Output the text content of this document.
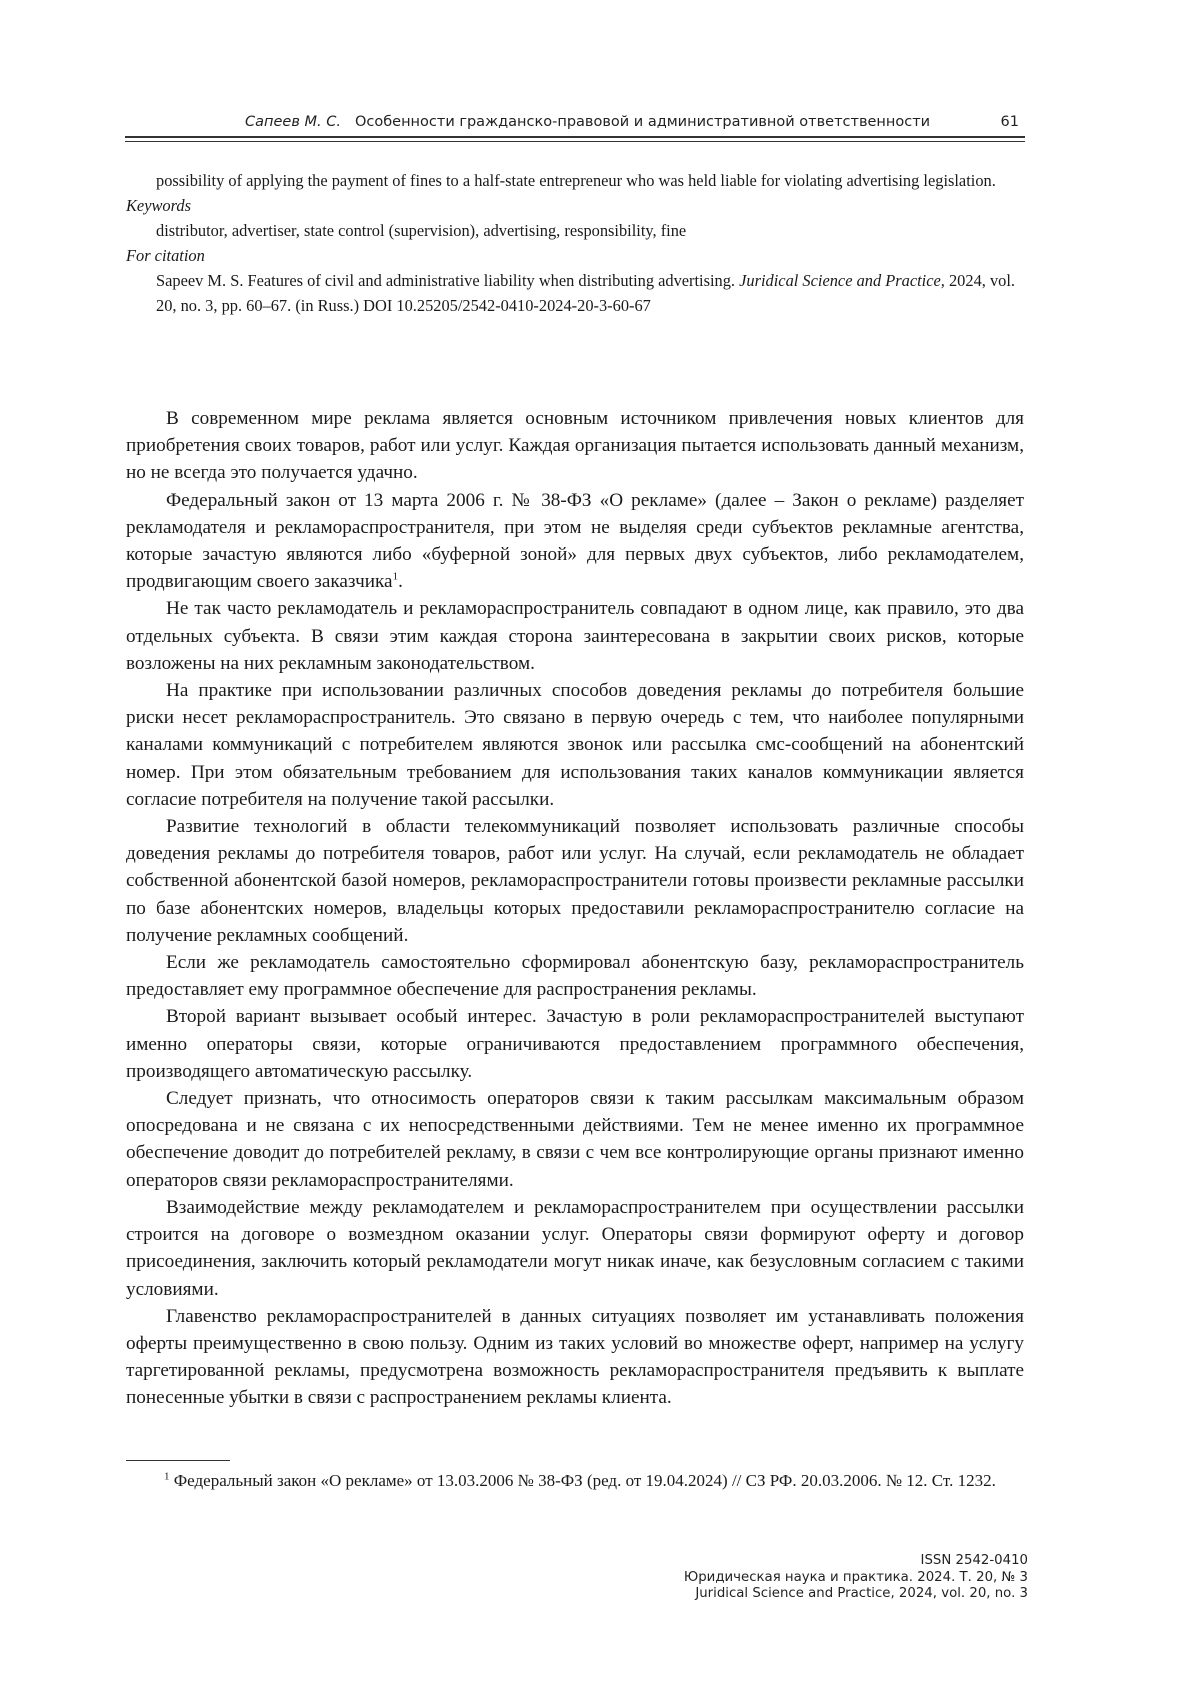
Сапеев М. С. Особенности гражданско-правовой и административной ответственности	61
possibility of applying the payment of fines to a half-state entrepreneur who was held liable for violating advertising legislation.
Keywords
distributor, advertiser, state control (supervision), advertising, responsibility, fine
For citation
Sapeev M. S. Features of civil and administrative liability when distributing advertising. Juridical Science and Practice, 2024, vol. 20, no. 3, pp. 60–67. (in Russ.) DOI 10.25205/2542-0410-2024-20-3-60-67

В современном мире реклама является основным источником привлечения новых клиентов для приобретения своих товаров, работ или услуг. Каждая организация пытается использовать данный механизм, но не всегда это получается удачно.

Федеральный закон от 13 марта 2006 г. № 38-ФЗ «О рекламе» (далее – Закон о рекламе) разделяет рекламодателя и рекламораспространителя, при этом не выделяя среди субъектов рекламные агентства, которые зачастую являются либо «буферной зоной» для первых двух субъектов, либо рекламодателем, продвигающим своего заказчика$^1$.

Не так часто рекламодатель и рекламораспространитель совпадают в одном лице, как правило, это два отдельных субъекта. В связи этим каждая сторона заинтересована в закрытии своих рисков, которые возложены на них рекламным законодательством.

На практике при использовании различных способов доведения рекламы до потребителя большие риски несет рекламораспространитель. Это связано в первую очередь с тем, что наиболее популярными каналами коммуникаций с потребителем являются звонок или рассылка смс-сообщений на абонентский номер. При этом обязательным требованием для использования таких каналов коммуникации является согласие потребителя на получение такой рассылки.

Развитие технологий в области телекоммуникаций позволяет использовать различные способы доведения рекламы до потребителя товаров, работ или услуг. На случай, если рекламодатель не обладает собственной абонентской базой номеров, рекламораспространители готовы произвести рекламные рассылки по базе абонентских номеров, владельцы которых предоставили рекламораспространителю согласие на получение рекламных сообщений.

Если же рекламодатель самостоятельно сформировал абонентскую базу, рекламораспространитель предоставляет ему программное обеспечение для распространения рекламы.

Второй вариант вызывает особый интерес. Зачастую в роли рекламораспространителей выступают именно операторы связи, которые ограничиваются предоставлением программного обеспечения, производящего автоматическую рассылку.

Следует признать, что относимость операторов связи к таким рассылкам максимальным образом опосредована и не связана с их непосредственными действиями. Тем не менее именно их программное обеспечение доводит до потребителей рекламу, в связи с чем все контролирующие органы признают именно операторов связи рекламораспространителями.

Взаимодействие между рекламодателем и рекламораспространителем при осуществлении рассылки строится на договоре о возмездном оказании услуг. Операторы связи формируют оферту и договор присоединения, заключить который рекламодатели могут никак иначе, как безусловным согласием с такими условиями.

Главенство рекламораспространителей в данных ситуациях позволяет им устанавливать положения оферты преимущественно в свою пользу. Одним из таких условий во множестве оферт, например на услугу таргетированной рекламы, предусмотрена возможность рекламораспространителя предъявить к выплате понесенные убытки в связи с распространением рекламы клиента.

$^1$ Федеральный закон «О рекламе» от 13.03.2006 № 38-ФЗ (ред. от 19.04.2024) // СЗ РФ. 20.03.2006. № 12. Ст. 1232.
ISSN 2542-0410
Юридическая наука и практика. 2024. Т. 20, № 3
Juridical Science and Practice, 2024, vol. 20, no. 3
